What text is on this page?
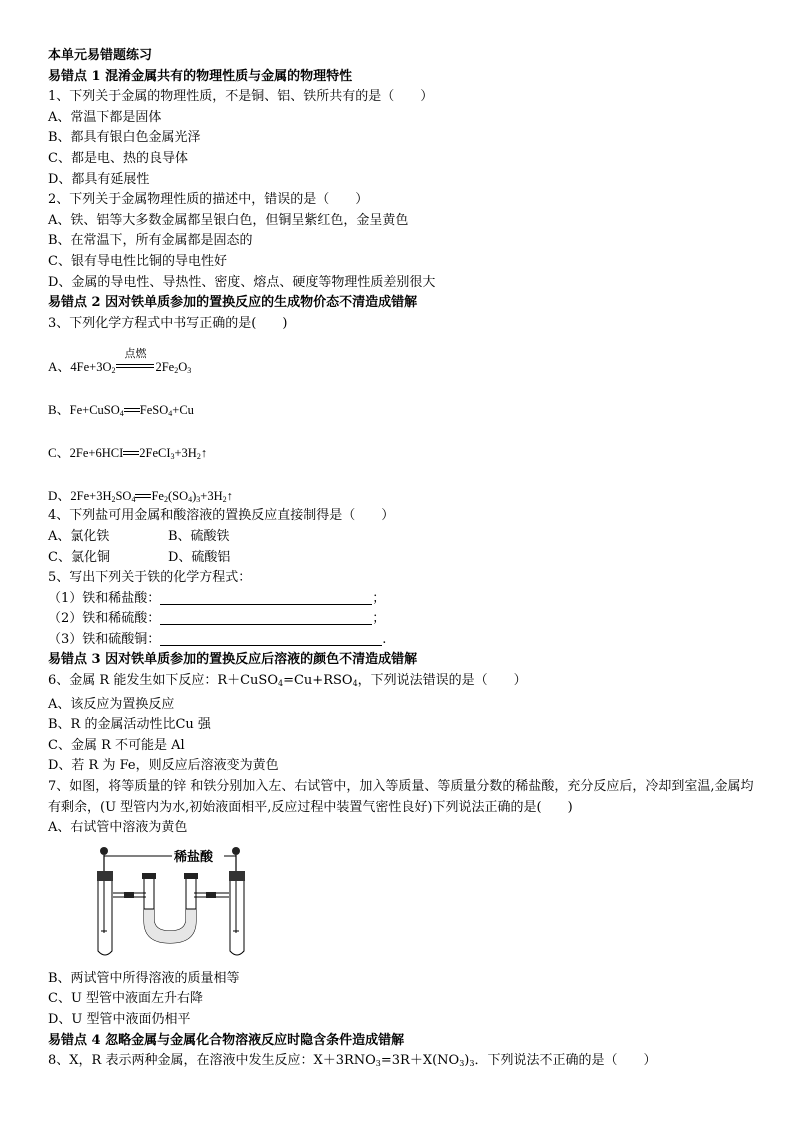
本单元易错题练习
易错点 1 混淆金属共有的物理性质与金属的物理特性
1、下列关于金属的物理性质，不是铜、铝、铁所共有的是（　　）
A、常温下都是固体
B、都具有银白色金属光泽
C、都是电、热的良导体
D、都具有延展性
2、下列关于金属物理性质的描述中，错误的是（　　）
A、铁、铝等大多数金属都呈银白色，但铜呈紫红色，金呈黄色
B、在常温下，所有金属都是固态的
C、银有导电性比铜的导电性好
D、金属的导电性、导热性、密度、熔点、硬度等物理性质差别很大
易错点 2 因对铁单质参加的置换反应的生成物价态不清造成错解
3、下列化学方程式中书写正确的是(　　)
A、$4Fe+3O_2$
点燃
$2Fe_2O_3$
B、Fe+CuSO$_4$ FeSO$_4$+Cu
C、2Fe+6HCI $2FeCI_3+3H_2↑$
D、$2Fe+3H_2SO_4$ $Fe_2(SO_4)_3+3H_2↑$
4、下列盐可用金属和酸溶液的置换反应直接制得是（　　）
A、氯化铁	B、硫酸铁
C、氯化铜	D、硫酸铝
5、写出下列关于铁的化学方程式：
（1）铁和稀盐酸：	；
（2）铁和稀硫酸：	；
（3）铁和硫酸铜：	.
易错点 3 因对铁单质参加的置换反应后溶液的颜色不清造成错解
6、金属 R 能发生如下反应：$R+CuSO_4=Cu+RSO_4$，下列说法错误的是（　　）
A、该反应为置换反应
B、R 的金属活动性比Cu 强
C、金属 R 不可能是 Al
D、若 R 为 Fe，则反应后溶液变为黄色
7、如图，将等质量的锌 和铁分别加入左、右试管中，加入等质量、等质量分数的稀盐酸，充分反应后，冷却到室温,金属均有剩余，(U 型管内为水,初始液面相平,反应过程中装置气密性良好)下列说法正确的是(　　)
A、右试管中溶液为黄色
稀盐酸
B、两试管中所得溶液的质量相等
C、U 型管中液面左升右降
D、U 型管中液面仍相平
易错点 4 忽略金属与金属化合物溶液反应时隐含条件造成错解
8、X，R 表示两种金属，在溶液中发生反应：$X+3RNO_3=3R+X(NO_3)_3$．下列说法不正确的是（　　）
